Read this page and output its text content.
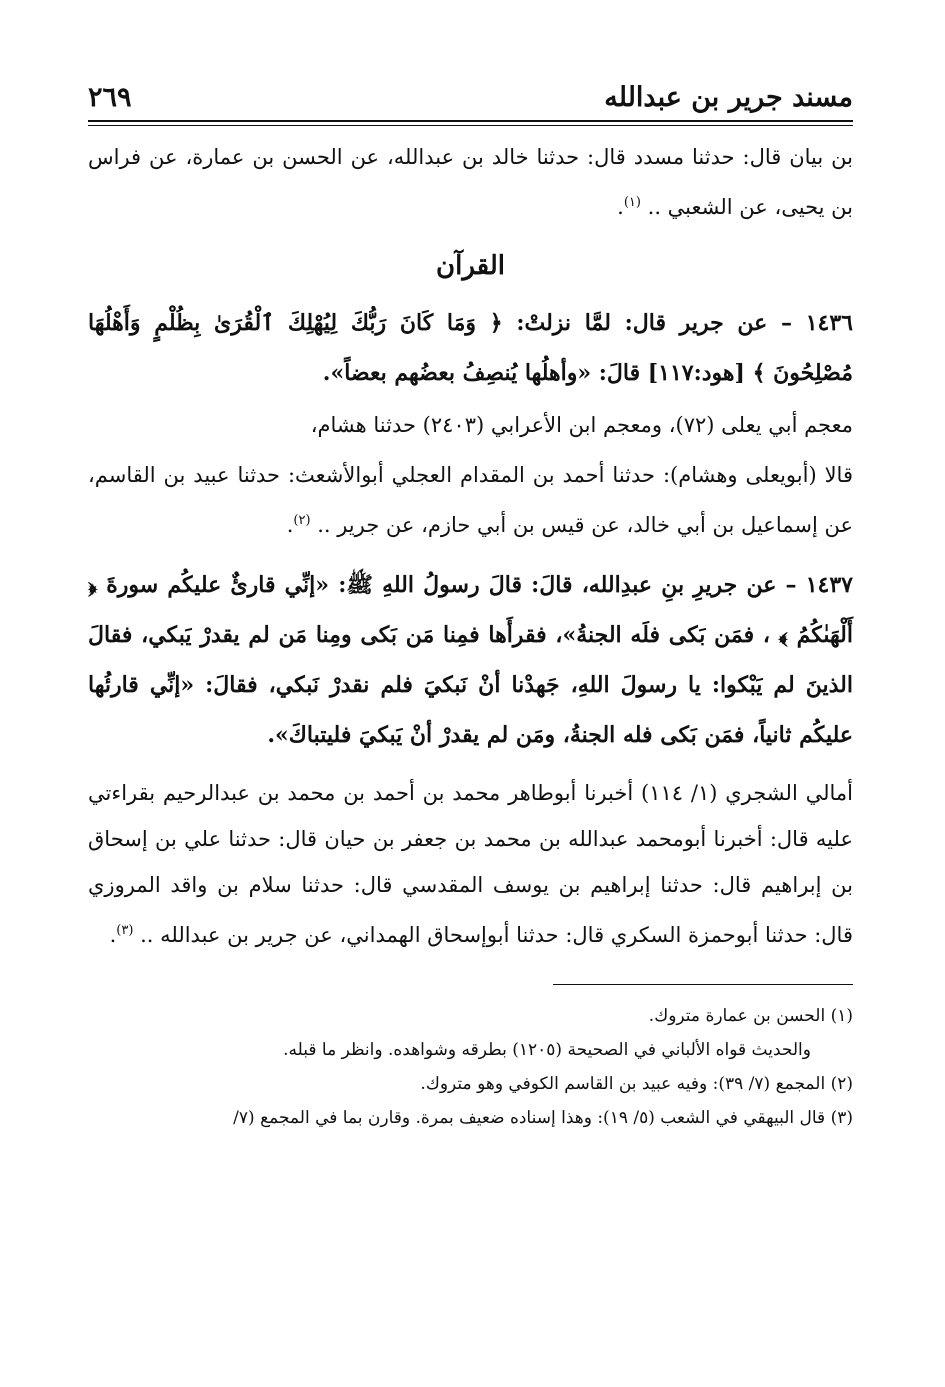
مسند جرير بن عبدالله
٢٦٩

بن بيان قال: حدثنا مسدد قال: حدثنا خالد بن عبدالله، عن الحسن بن عمارة، عن فراس بن يحيى، عن الشعبي .. $^{(١)}$.

القرآن

١٤٣٦ – عن جرير قال: لمَّا نزلتْ: ﴿ وَمَا كَانَ رَبُّكَ لِيُهْلِكَ ٱلْقُرَىٰ بِظُلْمٍ وَأَهْلُهَا مُصْلِحُونَ ﴾ [هود:١١٧] قالَ: «وأهلُها يُنصِفُ بعضُهم بعضاً».

معجم أبي يعلى (٧٢)، ومعجم ابن الأعرابي (٢٤٠٣) حدثنا هشام،

قالا (أبويعلى وهشام): حدثنا أحمد بن المقدام العجلي أبوالأشعث: حدثنا عبيد بن القاسم، عن إسماعيل بن أبي خالد، عن قيس بن أبي حازم، عن جرير .. $^{(٢)}$.

١٤٣٧ – عن جريرِ بنِ عبدِالله، قالَ: قالَ رسولُ اللهِ ﷺ: «إنِّي قارئٌ عليكُم سورةَ ﴿ أَلْهَىٰكُمُ ﴾ ، فمَن بَكى فلَه الجنةُ»، فقرأَها فمِنا مَن بَكى ومِنا مَن لم يقدرْ يَبكي، فقالَ الذينَ لم يَبْكوا: يا رسولَ اللهِ، جَهدْنا أنْ نَبكيَ فلم نقدرْ نَبكي، فقالَ: «إنِّي قارئُها عليكُم ثانياً، فمَن بَكى فله الجنةُ، ومَن لم يقدرْ أنْ يَبكيَ فليتباكَ».

أمالي الشجري (١/ ١١٤) أخبرنا أبوطاهر محمد بن أحمد بن محمد بن عبدالرحيم بقراءتي عليه قال: أخبرنا أبومحمد عبدالله بن محمد بن جعفر بن حيان قال: حدثنا علي بن إسحاق بن إبراهيم قال: حدثنا إبراهيم بن يوسف المقدسي قال: حدثنا سلام بن واقد المروزي قال: حدثنا أبوحمزة السكري قال: حدثنا أبوإسحاق الهمداني، عن جرير بن عبدالله .. $^{(٣)}$.

(١) الحسن بن عمارة متروك.

والحديث قواه الألباني في الصحيحة (١٢٠٥) بطرقه وشواهده. وانظر ما قبله.

(٢) المجمع (٧/ ٣٩): وفيه عبيد بن القاسم الكوفي وهو متروك.

(٣) قال البيهقي في الشعب (٥/ ١٩): وهذا إسناده ضعيف بمرة. وقارن بما في المجمع (٧/
